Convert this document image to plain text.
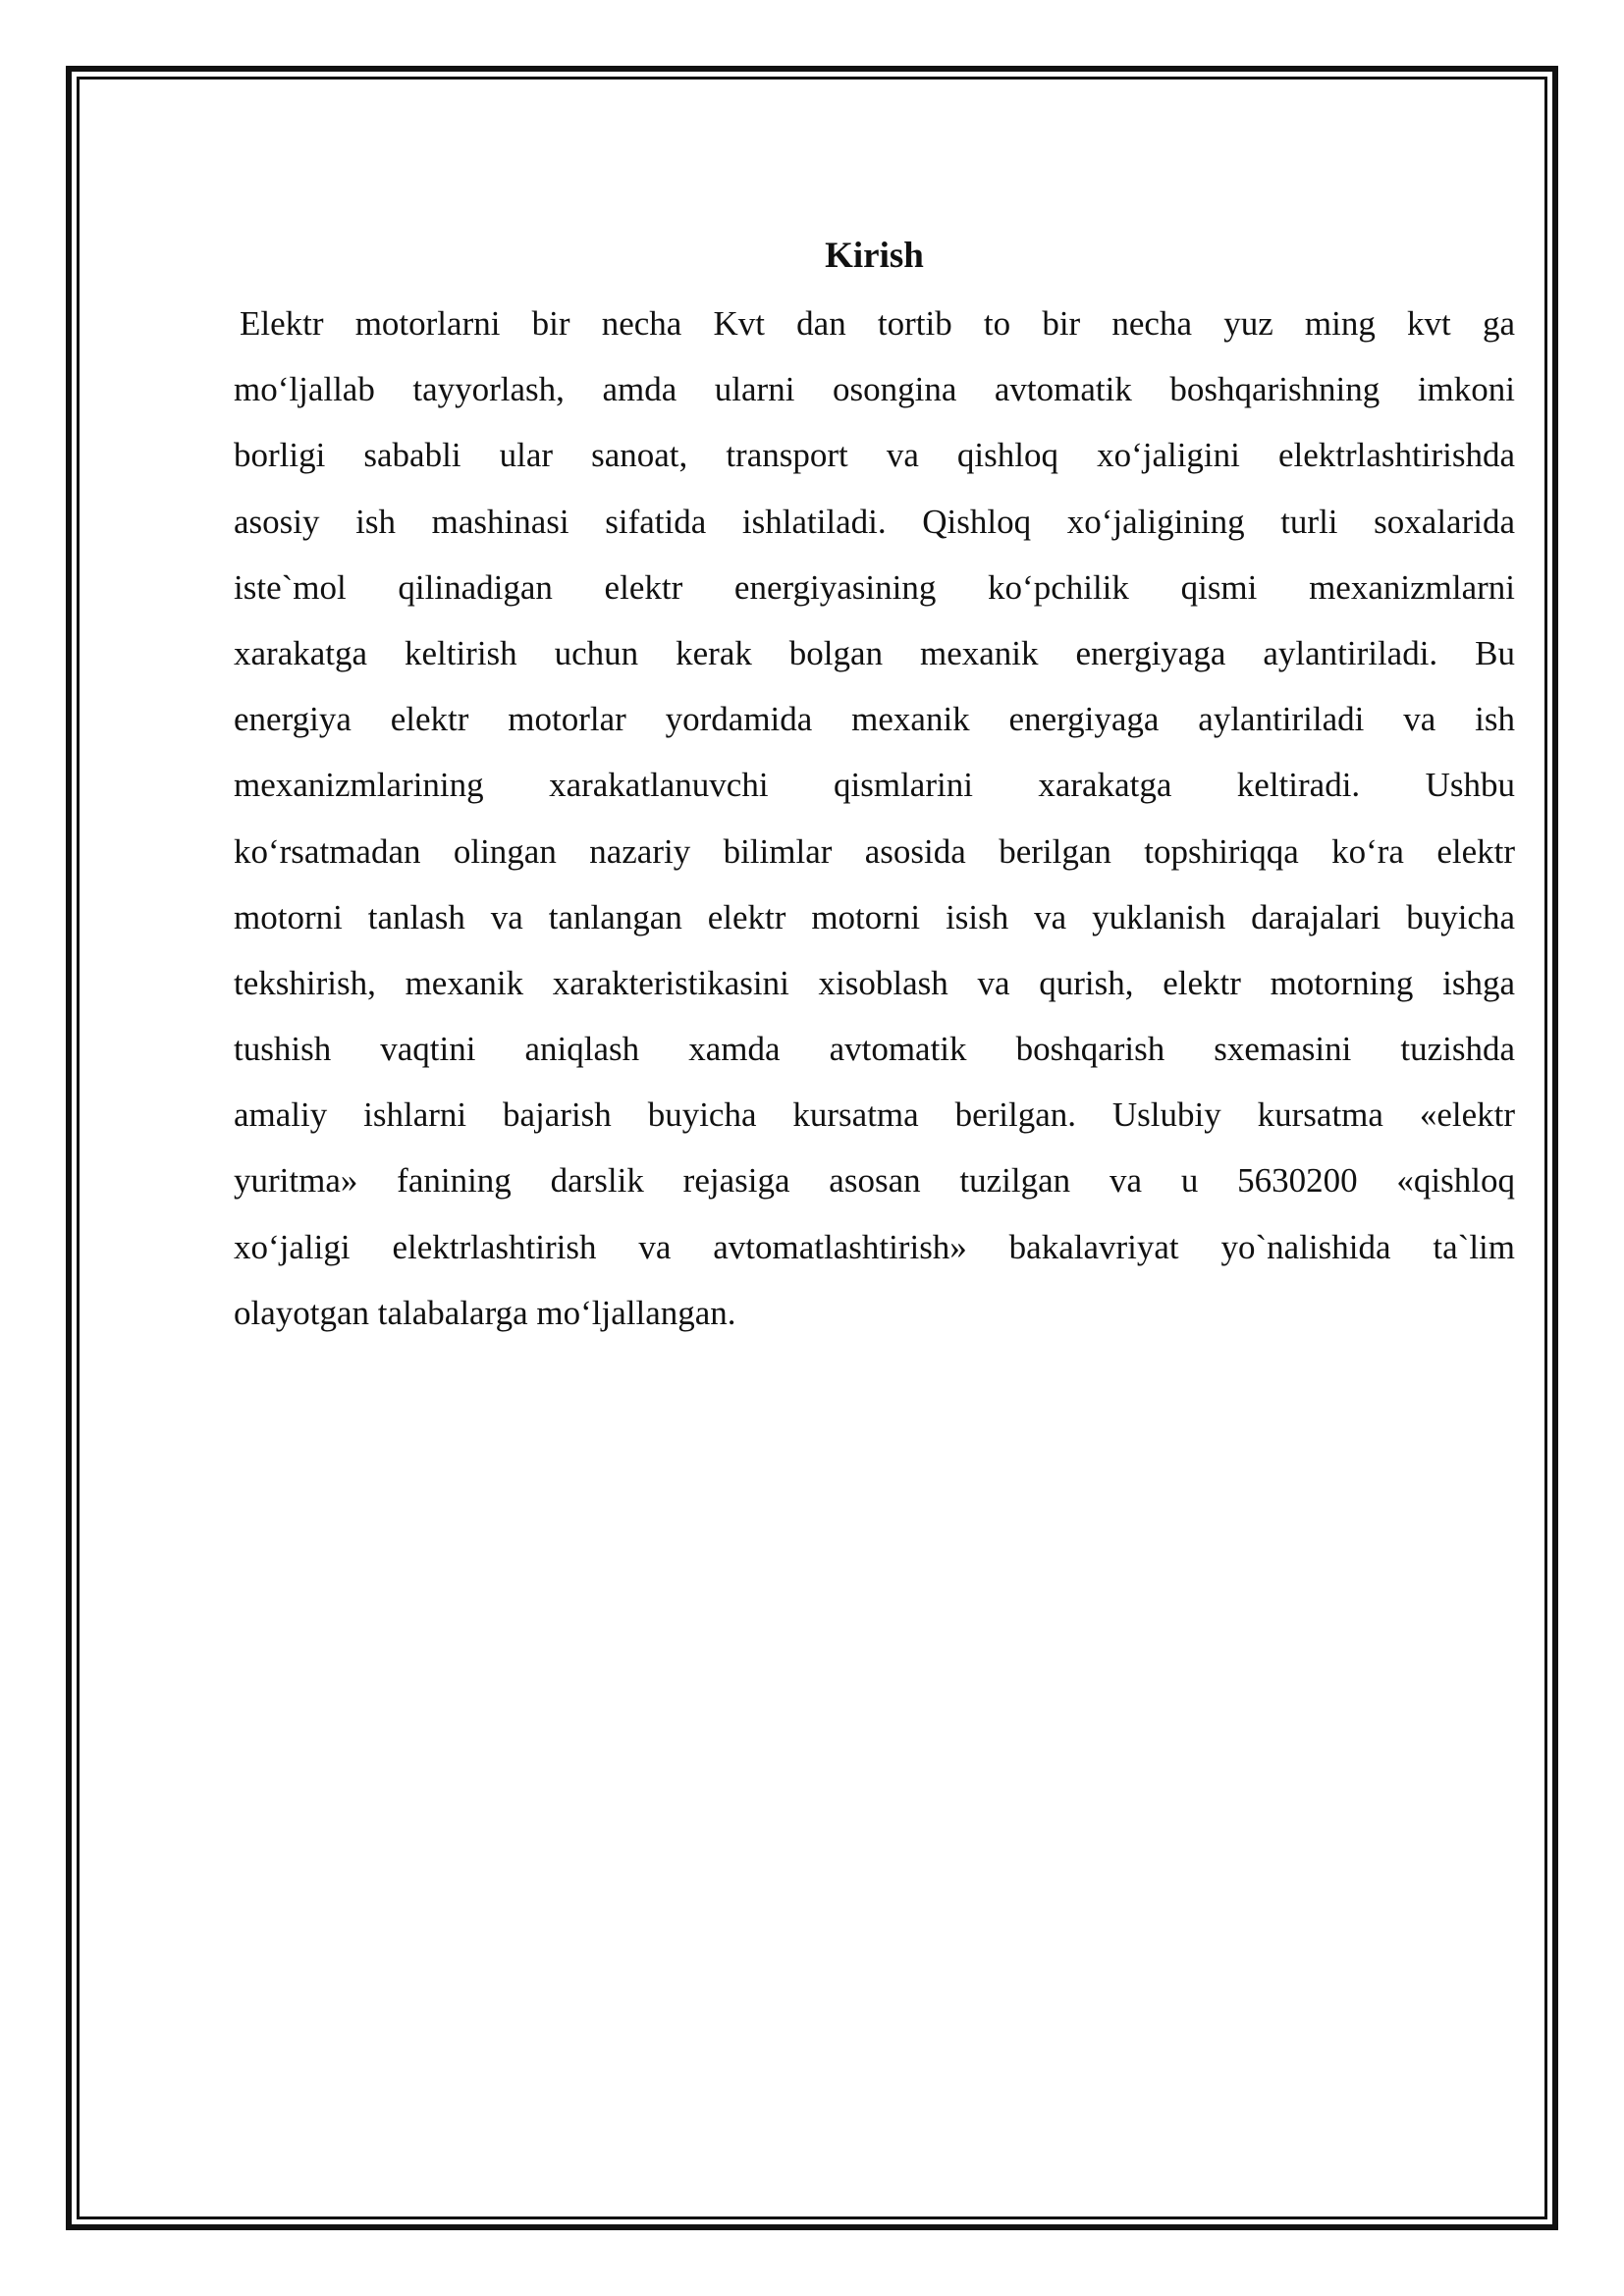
Kirish
Elektr motorlarni bir necha Kvt dan tortib to bir necha yuz ming kvt ga
mo‘ljallab tayyorlash, amda ularni osongina avtomatik boshqarishning imkoni
borligi sababli ular sanoat, transport va qishloq xo‘jaligini elektrlashtirishda
asosiy ish mashinasi sifatida ishlatiladi. Qishloq xo‘jaligining turli soxalarida
iste`mol qilinadigan elektr energiyasining ko‘pchilik qismi mexanizmlarni
xarakatga keltirish uchun kerak bolgan mexanik energiyaga aylantiriladi. Bu
energiya elektr motorlar yordamida mexanik energiyaga aylantiriladi va ish
mexanizmlarining xarakatlanuvchi qismlarini xarakatga keltiradi. Ushbu
ko‘rsatmadan olingan nazariy bilimlar asosida berilgan topshiriqqa ko‘ra elektr
motorni tanlash va tanlangan elektr motorni isish va yuklanish darajalari buyicha
tekshirish, mexanik xarakteristikasini xisoblash va qurish, elektr motorning ishga
tushish vaqtini aniqlash xamda avtomatik boshqarish sxemasini tuzishda
amaliy ishlarni bajarish buyicha kursatma berilgan. Uslubiy kursatma «elektr
yuritma» fanining darslik rejasiga asosan tuzilgan va u 5630200 «qishloq
xo‘jaligi elektrlashtirish va avtomatlashtirish» bakalavriyat yo`nalishida ta`lim
olayotgan talabalarga mo‘ljallangan.
